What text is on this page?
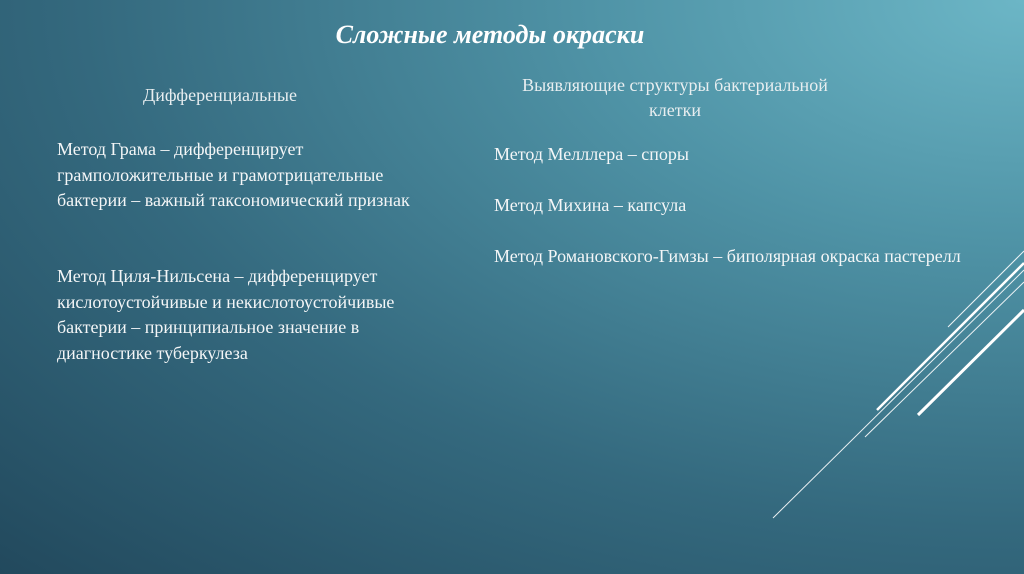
Сложные методы окраски
Дифференциальные	Выявляющие структуры бактериальной клетки

Метод Грама – дифференцирует грамположительные и грамотрицательные бактерии – важный таксономический признак

Метод Циля-Нильсена – дифференцирует кислотоустойчивые и некислотоустойчивые бактерии – принципиальное значение в диагностике туберкулеза

Метод Мелллера – споры

Метод Михина – капсула

Метод Романовского-Гимзы – биполярная окраска пастерелл
